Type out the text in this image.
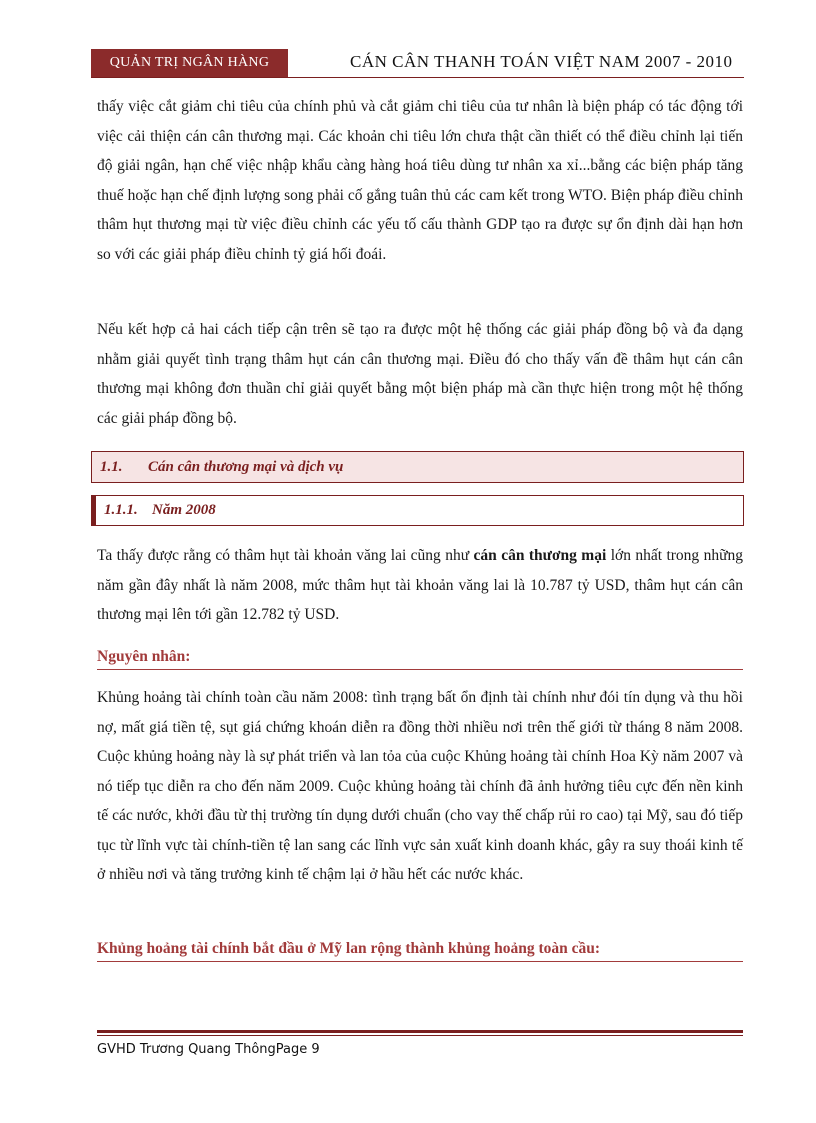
QUẢN TRỊ NGÂN HÀNG	CÁN CÂN THANH TOÁN VIỆT NAM 2007 - 2010

thấy việc cắt giảm chi tiêu của chính phủ và cắt giảm chi tiêu của tư nhân là biện pháp có tác động tới việc cải thiện cán cân thương mại. Các khoản chi tiêu lớn chưa thật cần thiết có thể điều chỉnh lại tiến độ giải ngân, hạn chế việc nhập khẩu càng hàng hoá tiêu dùng tư nhân xa xỉ...bằng các biện pháp tăng thuế hoặc hạn chế định lượng song phải cố gắng tuân thủ các cam kết trong WTO. Biện pháp điều chỉnh thâm hụt thương mại từ việc điều chỉnh các yếu tố cấu thành GDP tạo ra được sự ổn định dài hạn hơn so với các giải pháp điều chỉnh tỷ giá hối đoái.

Nếu kết hợp cả hai cách tiếp cận trên sẽ tạo ra được một hệ thống các giải pháp đồng bộ và đa dạng nhằm giải quyết tình trạng thâm hụt cán cân thương mại. Điều đó cho thấy vấn đề thâm hụt cán cân thương mại không đơn thuần chỉ giải quyết bằng một biện pháp mà cần thực hiện trong một hệ thống các giải pháp đồng bộ.

1.1.	Cán cân thương mại và dịch vụ
1.1.1. Năm 2008

Ta thấy được rằng có thâm hụt tài khoản văng lai cũng như cán cân thương mại lớn nhất trong những năm gần đây nhất là năm 2008, mức thâm hụt tài khoản văng lai là 10.787 tỷ USD, thâm hụt cán cân thương mại lên tới gần 12.782 tỷ USD.

Nguyên nhân:

Khủng hoảng tài chính toàn cầu năm 2008: tình trạng bất ổn định tài chính như đói tín dụng và thu hồi nợ, mất giá tiền tệ, sụt giá chứng khoán diễn ra đồng thời nhiều nơi trên thế giới từ tháng 8 năm 2008. Cuộc khủng hoảng này là sự phát triển và lan tỏa của cuộc Khủng hoảng tài chính Hoa Kỳ năm 2007 và nó tiếp tục diễn ra cho đến năm 2009. Cuộc khủng hoảng tài chính đã ảnh hưởng tiêu cực đến nền kinh tế các nước, khởi đầu từ thị trường tín dụng dưới chuẩn (cho vay thế chấp rủi ro cao) tại Mỹ, sau đó tiếp tục từ lĩnh vực tài chính-tiền tệ lan sang các lĩnh vực sản xuất kinh doanh khác, gây ra suy thoái kinh tế ở nhiều nơi và tăng trưởng kinh tế chậm lại ở hầu hết các nước khác.

Khủng hoảng tài chính bắt đầu ở Mỹ lan rộng thành khủng hoảng toàn cầu:
GVHD Trương Quang ThôngPage 9
